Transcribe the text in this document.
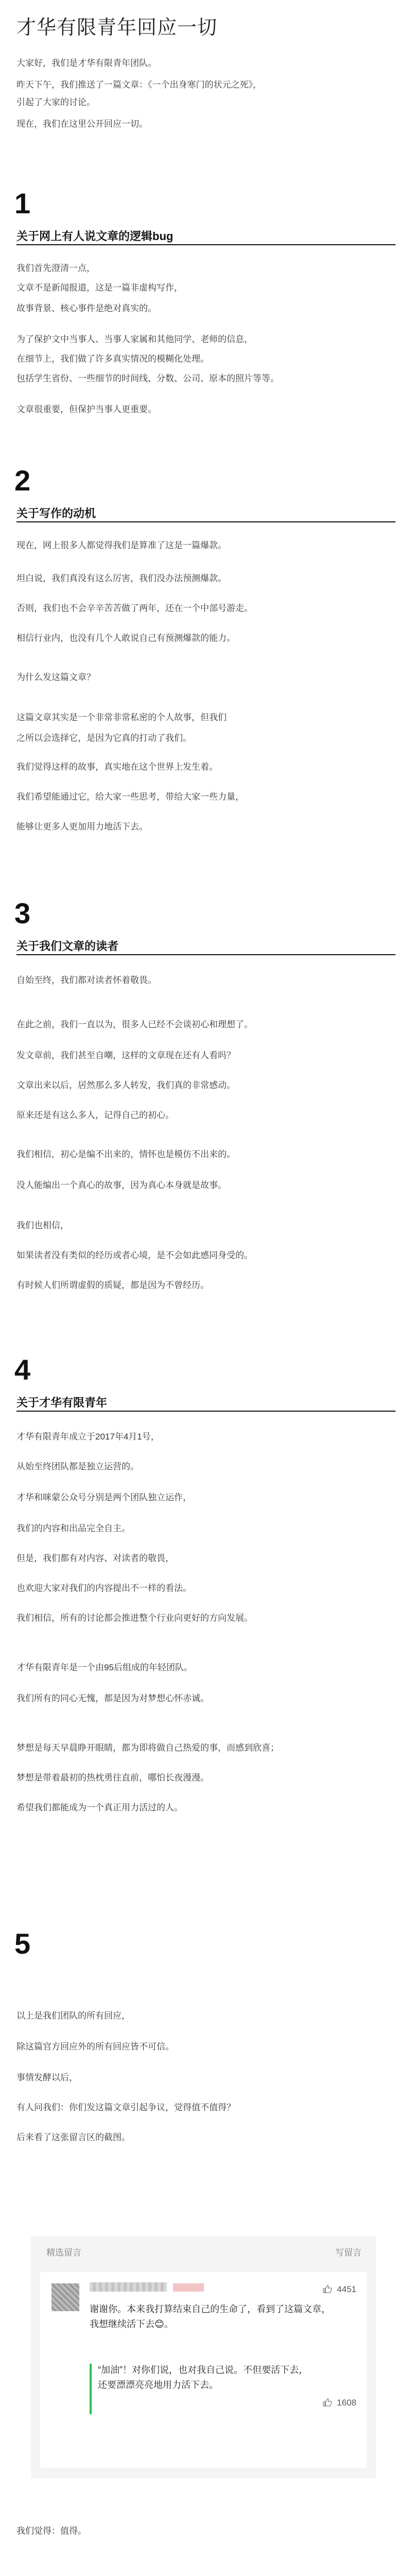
才华有限青年回应一切
大家好，我们是才华有限青年团队。
昨天下午，我们推送了一篇文章：《一个出身寒门的状元之死》，
引起了大家的讨论。
现在，我们在这里公开回应一切。
1
关于网上有人说文章的逻辑bug
我们首先澄清一点，
文章不是新闻报道，这是一篇非虚构写作，
故事背景、核心事件是绝对真实的。
为了保护文中当事人、当事人家属和其他同学、老师的信息，
在细节上，我们做了许多真实情况的模糊化处理。
包括学生省份、一些细节的时间线、分数、公司、原本的照片等等。
文章很重要，但保护当事人更重要。
2
关于写作的动机
现在，网上很多人都觉得我们是算准了这是一篇爆款。
坦白说，我们真没有这么厉害，我们没办法预测爆款。
否则，我们也不会辛辛苦苦做了两年，还在一个中部号游走。
相信行业内，也没有几个人敢说自己有预测爆款的能力。
为什么发这篇文章？
这篇文章其实是一个非常非常私密的个人故事，但我们
之所以会选择它，是因为它真的打动了我们。
我们觉得这样的故事，真实地在这个世界上发生着。
我们希望能通过它，给大家一些思考，带给大家一些力量，
能够让更多人更加用力地活下去。
3
关于我们文章的读者
自始至终，我们都对读者怀着敬畏。
在此之前，我们一直以为，很多人已经不会谈初心和理想了。
发文章前，我们甚至自嘲，这样的文章现在还有人看吗？
文章出来以后，居然那么多人转发，我们真的非常感动。
原来还是有这么多人，记得自己的初心。
我们相信，初心是编不出来的，情怀也是模仿不出来的。
没人能编出一个真心的故事，因为真心本身就是故事。
我们也相信，
如果读者没有类似的经历或者心境，是不会如此感同身受的。
有时候人们所谓虚假的质疑，都是因为不曾经历。
4
关于才华有限青年
才华有限青年成立于2017年4月1号，
从始至终团队都是独立运营的。
才华和咪蒙公众号分别是两个团队独立运作，
我们的内容和出品完全自主。
但是，我们都有对内容、对读者的敬畏，
也欢迎大家对我们的内容提出不一样的看法。
我们相信，所有的讨论都会推进整个行业向更好的方向发展。
才华有限青年是一个由95后组成的年轻团队。
我们所有的同心无愧，都是因为对梦想心怀赤诚。
梦想是每天早晨睁开眼睛，都为即将做自己热爱的事，而感到欣喜；
梦想是带着最初的热枕勇往直前，哪怕长夜漫漫。
希望我们都能成为一个真正用力活过的人。
5
以上是我们团队的所有回应，
除这篇官方回应外的所有回应皆不可信。
事情发酵以后，
有人问我们：你们发这篇文章引起争议，觉得值不值得？
后来看了这张留言区的截图。
精选留言	写留言
4451
谢谢你。本来我打算结束自己的生命了，看到了这篇文章，我想继续活下去😊。
“加油”！对你们说，也对我自己说。不但要活下去，还要漂漂亮亮地用力活下去。
1608
我们觉得：值得。
